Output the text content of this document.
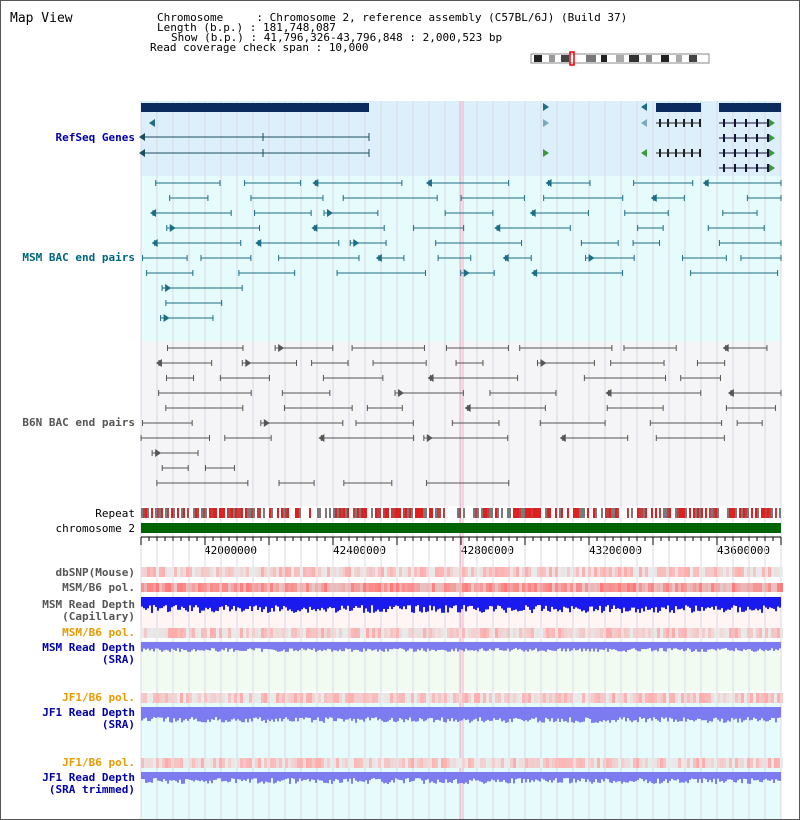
Map View	Chromosome     : Chromosome 2, reference assembly (C57BL/6J) (Build 37)
Length (b.p.) : 181,748,087
Show (b.p.) : 41,796,326-43,796,848 : 2,000,523 bp
Read coverage check span : 10,000
RefSeq Genes
MSM BAC end pairs
B6N BAC end pairs
Repeat
chromosome 2
dbSNP(Mouse)
MSM/B6 pol.
MSM Read Depth
(Capillary)
MSM/B6 pol.
MSM Read Depth
(SRA)
JF1/B6 pol.
JF1 Read Depth
(SRA)
JF1/B6 pol.
JF1 Read Depth
(SRA trimmed)
42000000	42400000	42800000	43200000	43600000
